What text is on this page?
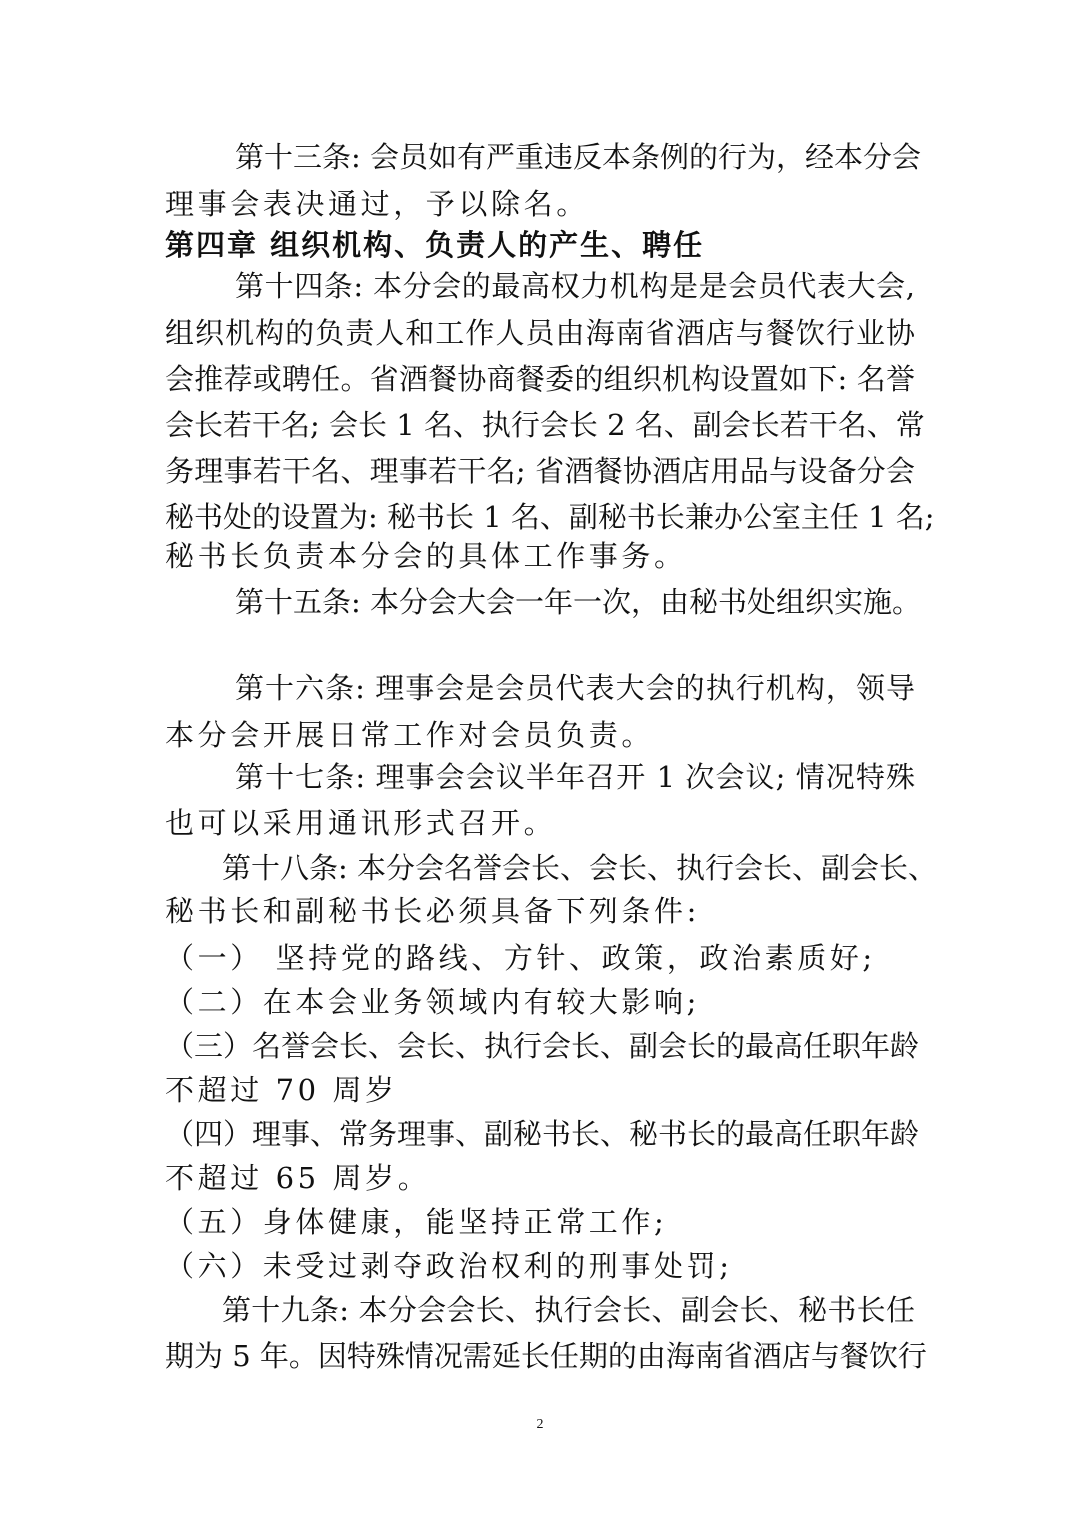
第十三条: 会员如有严重违反本条例的行为，经本分会
理事会表决通过，予以除名。
第四章 组织机构、负责人的产生、聘任
第十四条: 本分会的最高权力机构是是会员代表大会,
组织机构的负责人和工作人员由海南省酒店与餐饮行业协
会推荐或聘任。省酒餐协商餐委的组织机构设置如下: 名誉
会长若干名; 会长 1 名、执行会长 2 名、副会长若干名、常
务理事若干名、理事若干名; 省酒餐协酒店用品与设备分会
秘书处的设置为: 秘书长 1 名、副秘书长兼办公室主任 1 名;
秘书长负责本分会的具体工作事务。
第十五条: 本分会大会一年一次，由秘书处组织实施。
第十六条: 理事会是会员代表大会的执行机构，领导
本分会开展日常工作对会员负责。
第十七条: 理事会会议半年召开 1 次会议; 情况特殊
也可以采用通讯形式召开。
第十八条: 本分会名誉会长、会长、执行会长、副会长、
秘书长和副秘书长必须具备下列条件:
（一） 坚持党的路线、方针、政策，政治素质好;
（二）在本会业务领域内有较大影响;
（三）名誉会长、会长、执行会长、副会长的最高任职年龄
不超过 70 周岁
（四）理事、常务理事、副秘书长、秘书长的最高任职年龄
不超过 65 周岁。
（五）身体健康，能坚持正常工作;
（六）未受过剥夺政治权利的刑事处罚;
第十九条: 本分会会长、执行会长、副会长、秘书长任
期为 5 年。因特殊情况需延长任期的由海南省酒店与餐饮行
2
